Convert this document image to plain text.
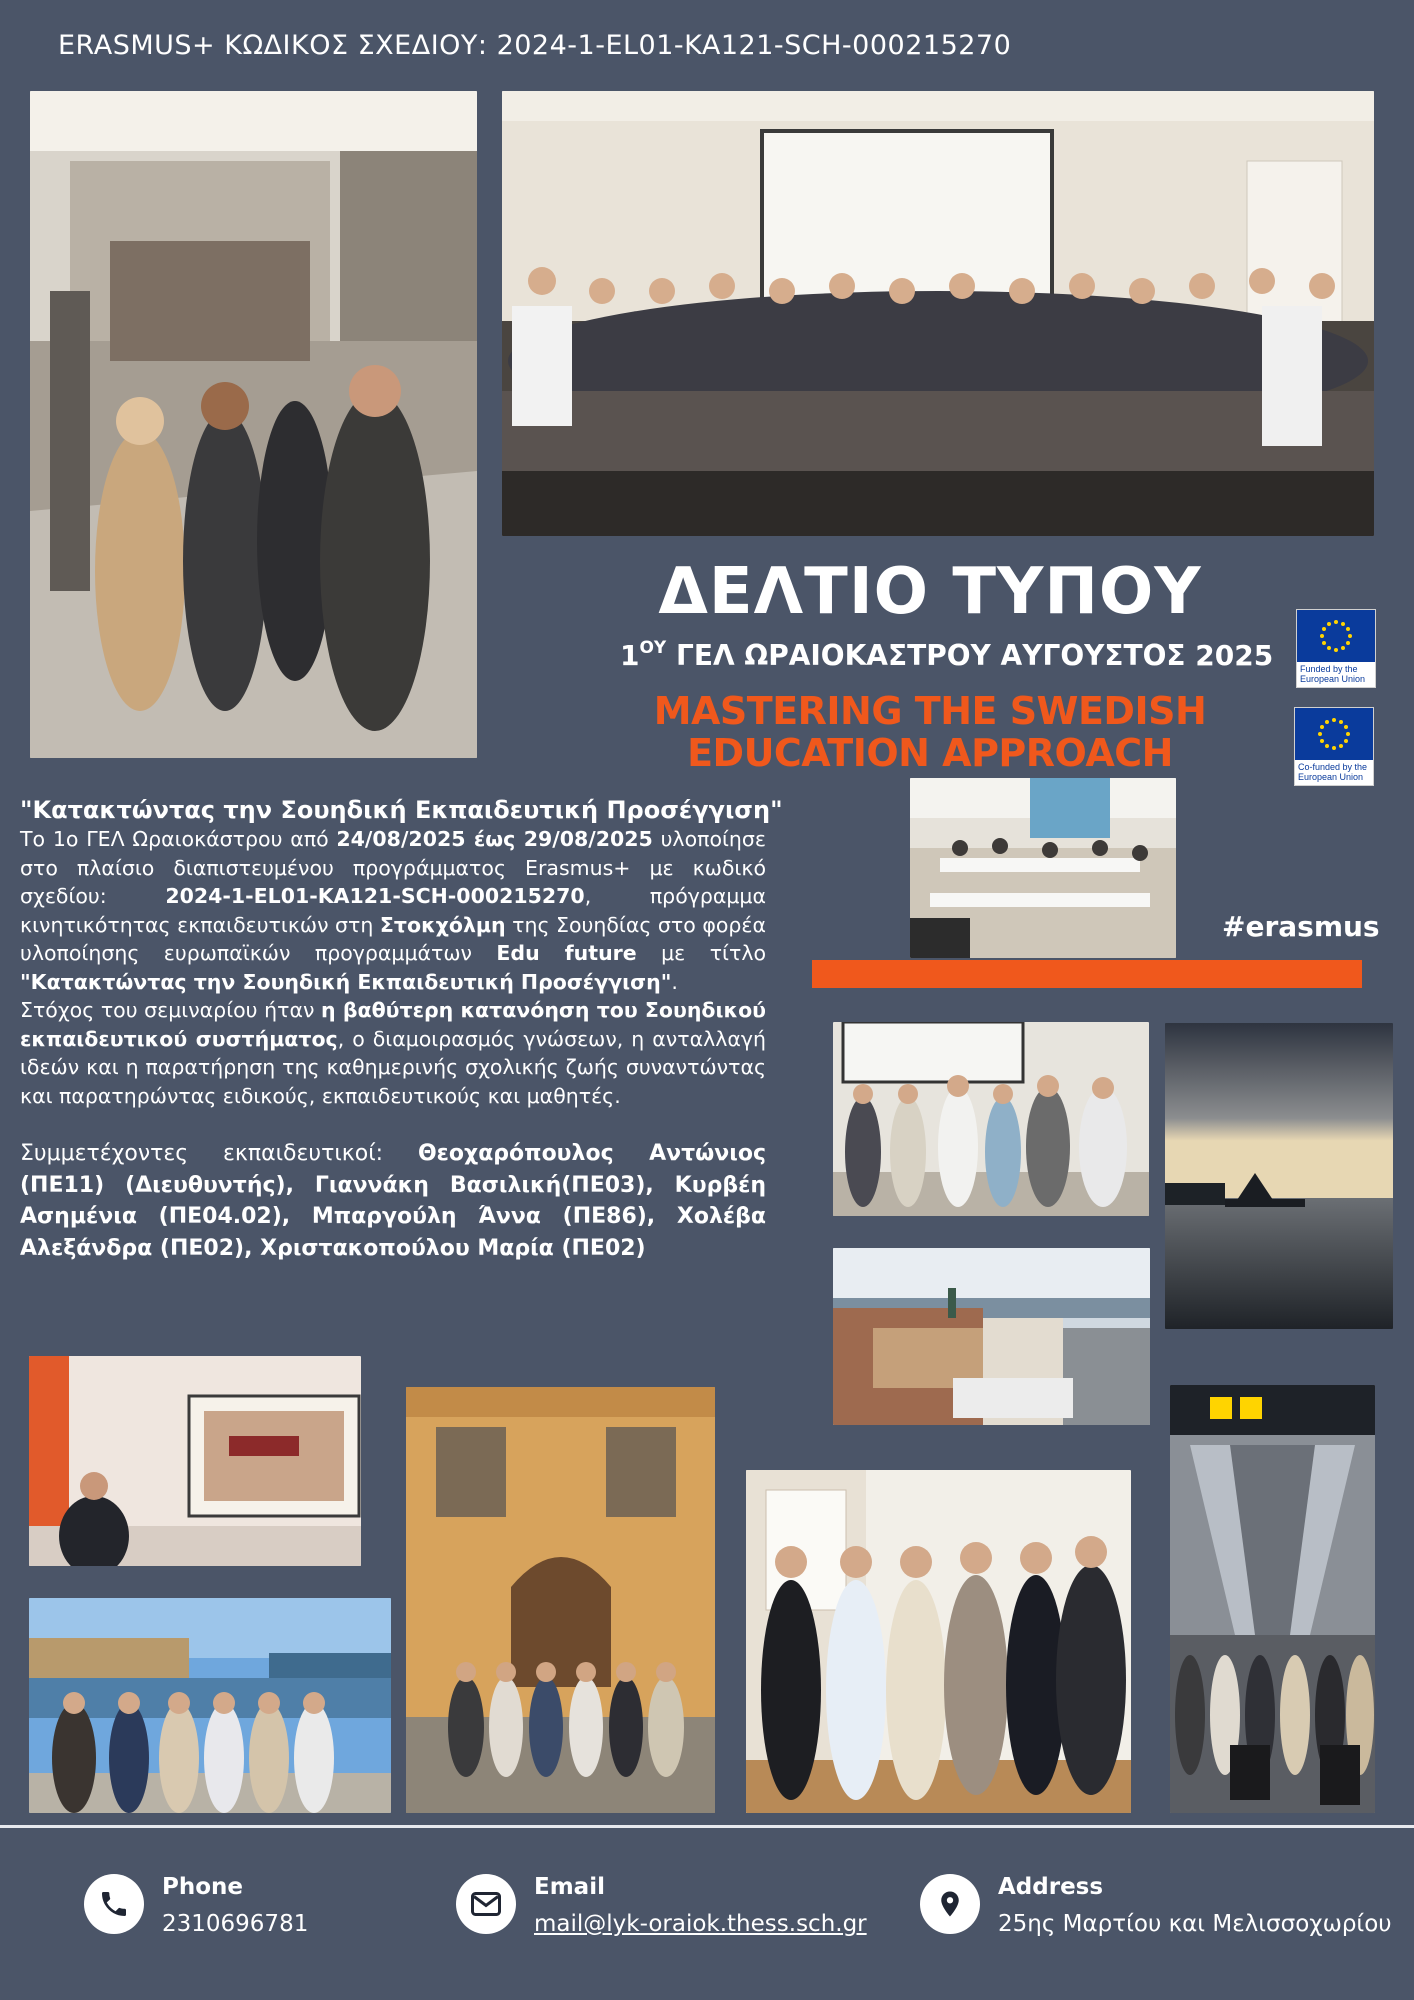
ERASMUS+ ΚΩΔΙΚΟΣ ΣΧΕΔΙΟΥ: 2024-1-EL01-KA121-SCH-000215270
ΔΕΛΤΙΟ ΤΥΠΟΥ
$1^{O\Upsilon}$ ΓΕΛ ΩΡΑΙΟΚΑΣΤΡΟΥ ΑΥΓΟΥΣΤΟΣ 2025
MASTERING THE SWEDISH
EDUCATION APPROACH
Funded by the
European Union
Co-funded by the
European Union
#erasmus
"Κατακτώντας την Σουηδική Εκπαιδευτική Προσέγγιση"
Το 1ο ΓΕΛ Ωραιοκάστρου από 24/08/2025 έως 29/08/2025 υλοποίησε στο πλαίσιο διαπιστευμένου προγράμματος Erasmus+ με κωδικό σχεδίου: 2024-1-EL01-KA121-SCH-000215270, πρόγραμμα κινητικότητας εκπαιδευτικών στη Στοκχόλμη της Σουηδίας στο φορέα υλοποίησης ευρωπαϊκών προγραμμάτων Edu future με τίτλο "Κατακτώντας την Σουηδική Εκπαιδευτική Προσέγγιση".
Στόχος του σεμιναρίου ήταν η βαθύτερη κατανόηση του Σουηδικού εκπαιδευτικού συστήματος, ο διαμοιρασμός γνώσεων, η ανταλλαγή ιδεών και η παρατήρηση της καθημερινής σχολικής ζωής συναντώντας και παρατηρώντας ειδικούς, εκπαιδευτικούς και μαθητές.
Συμμετέχοντες εκπαιδευτικοί: Θεοχαρόπουλος Αντώνιος (ΠΕ11) (Διευθυντής), Γιαννάκη Βασιλική(ΠΕ03), Κυρβέη Ασημένια (ΠΕ04.02), Μπαργούλη Άννα (ΠΕ86), Χολέβα Αλεξάνδρα (ΠΕ02), Χριστακοπούλου Μαρία (ΠΕ02)
Phone
2310696781
Email
mail@lyk-oraiok.thess.sch.gr
Address
25ης Μαρτίου και Μελισσοχωρίου
